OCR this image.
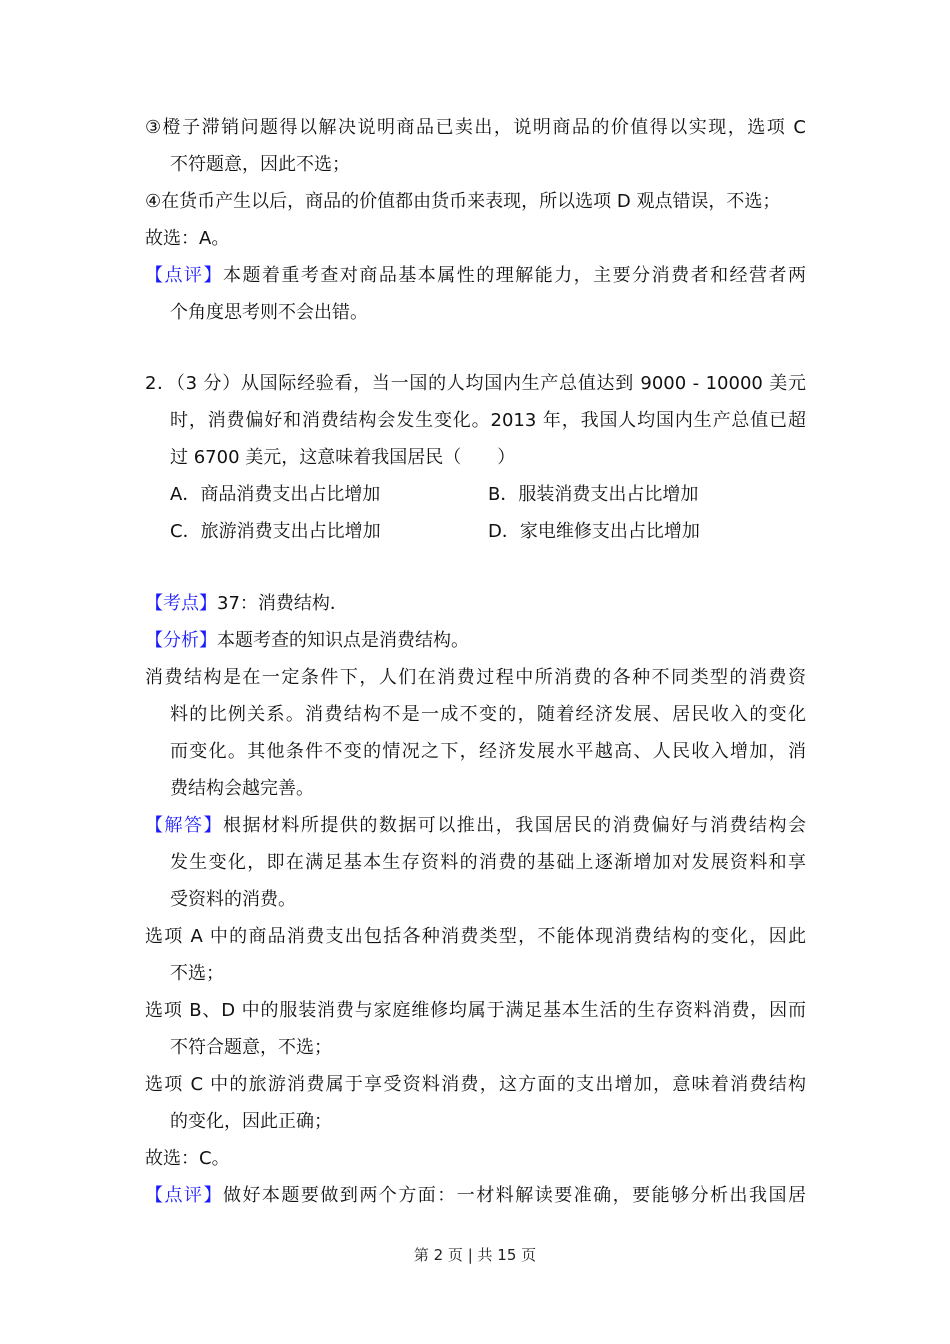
③橙子滞销问题得以解决说明商品已卖出，说明商品的价值得以实现，选项 C
不符题意，因此不选；
④在货币产生以后，商品的价值都由货币来表现，所以选项 D 观点错误，不选；
故选：A。
【点评】本题着重考查对商品基本属性的理解能力，主要分消费者和经营者两
个角度思考则不会出错。
2．（3 分）从国际经验看，当一国的人均国内生产总值达到 9000 - 10000 美元
时，消费偏好和消费结构会发生变化。2013 年，我国人均国内生产总值已超
过 6700 美元，这意味着我国居民（　　）
A．商品消费支出占比增加	B．服装消费支出占比增加
C．旅游消费支出占比增加	D．家电维修支出占比增加
【考点】37：消费结构．
【分析】本题考查的知识点是消费结构。
消费结构是在一定条件下，人们在消费过程中所消费的各种不同类型的消费资
料的比例关系。消费结构不是一成不变的，随着经济发展、居民收入的变化
而变化。其他条件不变的情况之下，经济发展水平越高、人民收入增加，消
费结构会越完善。
【解答】根据材料所提供的数据可以推出，我国居民的消费偏好与消费结构会
发生变化，即在满足基本生存资料的消费的基础上逐渐增加对发展资料和享
受资料的消费。
选项 A 中的商品消费支出包括各种消费类型，不能体现消费结构的变化，因此
不选；
选项 B、D 中的服装消费与家庭维修均属于满足基本生活的生存资料消费，因而
不符合题意，不选；
选项 C 中的旅游消费属于享受资料消费，这方面的支出增加，意味着消费结构
的变化，因此正确；
故选：C。
【点评】做好本题要做到两个方面：一材料解读要准确，要能够分析出我国居
第 2 页 | 共 15 页
